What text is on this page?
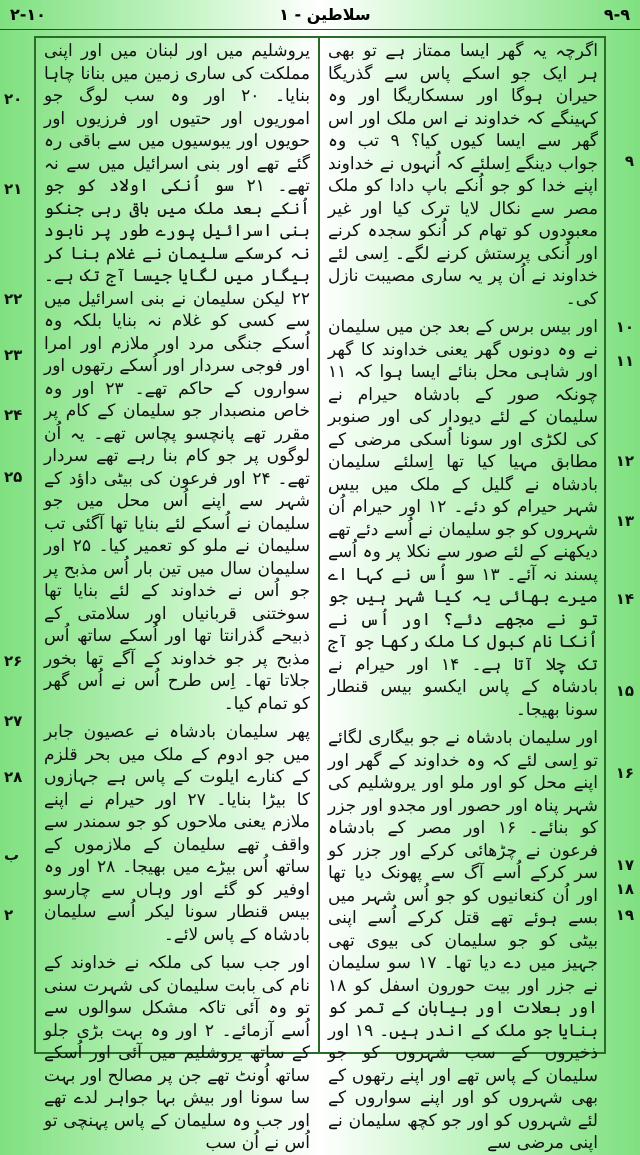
۲-۱۰	۱ - سلاطین	۹-۹

اگرچہ یہ گھر ایسا ممتاز ہے تو بھی ہر ایک جو اسکے پاس سے گذریگا حیران ہوگا اور سسکاریگا اور وہ کہینگے کہ خداوند نے اس ملک اور اس گھر سے ایسا کیوں کیا؟ ۹ تب وہ جواب دینگے اِسلئے کہ اُنہوں نے خداوند اپنے خدا کو جو اُنکے باپ دادا کو ملک مصر سے نکال لایا ترک کیا اور غیر معبودوں کو تھام کر اُنکو سجدہ کرنے اور اُنکی پرستش کرنے لگے۔ اِسی لئے خداوند نے اُن پر یہ ساری مصیبت نازل کی۔

اور بیس برس کے بعد جن میں سلیمان نے وہ دونوں گھر یعنی خداوند کا گھر اور شاہی محل بنائے ایسا ہوا کہ ۱۱ چونکہ صور کے بادشاہ حیرام نے سلیمان کے لئے دیودار کی اور صنوبر کی لکڑی اور سونا اُسکی مرضی کے مطابق مہیا کیا تھا اِسلئے سلیمان بادشاہ نے گلیل کے ملک میں بیس شہر حیرام کو دئے۔ ۱۲ اور حیرام اُن شہروں کو جو سلیمان نے اُسے دئے تھے دیکھنے کے لئے صور سے نکلا پر وہ اُسے پسند نہ آئے۔ ۱۳ سو اُس نے کہا اے میرے بھائی یہ کیا شہر ہیں جو تو نے مجھے دئے؟ اور اُس نے اُنکا نام کبول کا ملک رکھا جو آج تک چلا آتا ہے۔ ۱۴ اور حیرام نے بادشاہ کے پاس ایکسو بیس قنطار سونا بھیجا۔

اور سلیمان بادشاہ نے جو بیگاری لگائے تو اِسی لئے کہ وہ خداوند کے گھر اور اپنے محل کو اور ملو اور یروشلیم کی شہر پناہ اور حصور اور مجدو اور جزر کو بنائے۔ ۱۶ اور مصر کے بادشاہ فرعون نے چڑھائی کرکے اور جزر کو سر کرکے اُسے آگ سے پھونک دیا تھا اور اُن کنعانیوں کو جو اُس شہر میں بسے ہوئے تھے قتل کرکے اُسے اپنی بیٹی کو جو سلیمان کی بیوی تھی جہیز میں دے دیا تھا۔ ۱۷ سو سلیمان نے جزر اور بیت حورون اسفل کو ۱۸ اور بعلات اور بیابان کے تمر کو بنایا جو ملک کے اندر ہیں۔ ۱۹ اور ذخیروں کے سب شہروں کو جو سلیمان کے پاس تھے اور اپنے رتھوں کے بھی شہروں کو اور اپنے سواروں کے لئے شہروں کو اور جو کچھ سلیمان نے اپنی مرضی سے

یروشلیم میں اور لبنان میں اور اپنی مملکت کی ساری زمین میں بنانا چاہا بنایا۔ ۲۰ اور وہ سب لوگ جو اموریوں اور حتیوں اور فرزیوں اور حویوں اور یبوسیوں میں سے باقی رہ گئے تھے اور بنی اسرائیل میں سے نہ تھے۔ ۲۱ سو اُنکی اولاد کو جو اُنکے بعد ملک میں باقی رہی جنکو بنی اسرائیل پورے طور پر نابود نہ کرسکے سلیمان نے غلام بنا کر بیگار میں لگایا جیسا آج تک ہے۔ ۲۲ لیکن سلیمان نے بنی اسرائیل میں سے کسی کو غلام نہ بنایا بلکہ وہ اُسکے جنگی مرد اور ملازم اور امرا اور فوجی سردار اور اُسکے رتھوں اور سواروں کے حاکم تھے۔ ۲۳ اور وہ خاص منصبدار جو سلیمان کے کام پر مقرر تھے پانچسو پچاس تھے۔ یہ اُن لوگوں پر جو کام بنا رہے تھے سردار تھے۔ ۲۴ اور فرعون کی بیٹی داؤد کے شہر سے اپنے اُس محل میں جو سلیمان نے اُسکے لئے بنایا تھا آگئی تب سلیمان نے ملو کو تعمیر کیا۔ ۲۵ اور سلیمان سال میں تین بار اُس مذبح پر جو اُس نے خداوند کے لئے بنایا تھا سوختنی قربانیاں اور سلامتی کے ذبیحے گذرانتا تھا اور اُسکے ساتھ اُس مذبح پر جو خداوند کے آگے تھا بخور جلاتا تھا۔ اِس طرح اُس نے اُس گھر کو تمام کیا۔

پھر سلیمان بادشاہ نے عصیون جابر میں جو ادوم کے ملک میں بحر قلزم کے کنارے ایلوت کے پاس ہے جہازوں کا بیڑا بنایا۔ ۲۷ اور حیرام نے اپنے ملازم یعنی ملاحوں کو جو سمندر سے واقف تھے سلیمان کے ملازموں کے ساتھ اُس بیڑے میں بھیجا۔ ۲۸ اور وہ اوفیر کو گئے اور وہاں سے چارسو بیس قنطار سونا لیکر اُسے سلیمان بادشاہ کے پاس لائے۔

اور جب سبا کی ملکہ نے خداوند کے نام کی بابت سلیمان کی شہرت سنی تو وہ آئی تاکہ مشکل سوالوں سے اُسے آزمائے۔ ۲ اور وہ بہت بڑی جلو کے ساتھ یروشلیم میں آئی اور اُسکے ساتھ اُونٹ تھے جن پر مصالح اور بہت سا سونا اور بیش بہا جواہر لدے تھے اور جب وہ سلیمان کے پاس پہنچی تو اُس نے اُن سب

۹
۱۰
۱۱
۱۲
۱۳
۱۴
۱۵
۱۶
۱۷
۱۸
۱۹
۲۰
۲۱
۲۲
۲۳
۲۴
۲۵
۲۶
۲۷
۲۸
ب
۲
